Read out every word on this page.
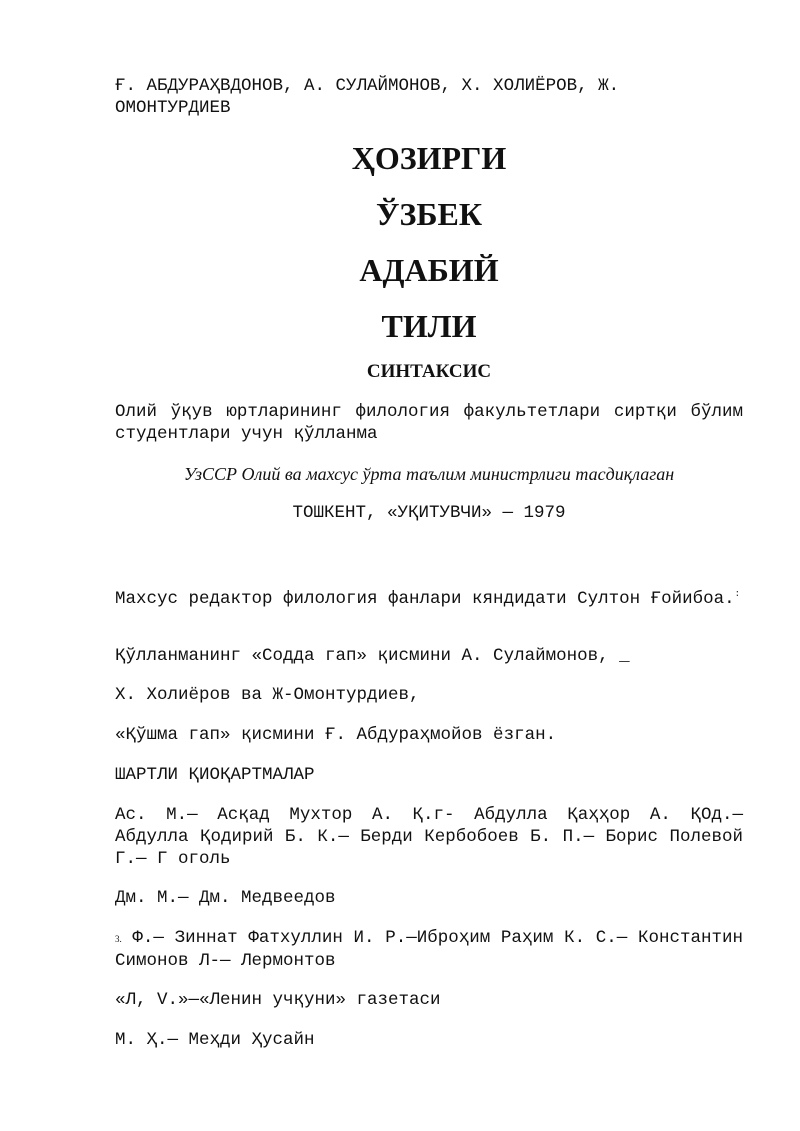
Ғ. АБДУРАҲВДОНОВ, А. СУЛАЙМОНОВ, Х. ХОЛИЁРОВ, Ж. ОМОНТУРДИЕВ

ҲОЗИРГИ

ЎЗБЕК

АДАБИЙ

ТИЛИ

СИНТАКСИС

Олий ўқув юртларининг филология факультетлари сиртқи бўлим студентлари учун қўлланма

УзССР Олий ва махсус ўрта таълим министрлиги тасдиқлаган

ТОШКЕНТ, «УҚИТУВЧИ» — 1979

Махсус редактор филология фанлари кяндидати Султон Ғойибоа.:

Қўлланманинг «Содда гап» қисмини А. Сулаймонов, _

X. Холиёров ва Ж-Омонтурдиев,

«Қўшма гап» қисмини Ғ. Абдураҳмойов ёзган.

ШАРТЛИ ҚИОҚАРТМАЛАР

Ас. М.— Асқад Мухтор А. Қ.г- Абдулла Қаҳҳор А. ҚОд.— Абдулла Қодирий Б. К.— Берди Кербобоев Б. П.— Борис Полевой Г.— Г оголь

Дм. М.— Дм. Медвеедов

3. Ф.— Зиннат Фатхуллин И. Р.—Иброҳим Раҳим К. С.— Константин Симонов Л-— Лермонтов

«Л, V.»—«Ленин учқуни» газетаси

М. Ҳ.— Меҳди Ҳусайн
